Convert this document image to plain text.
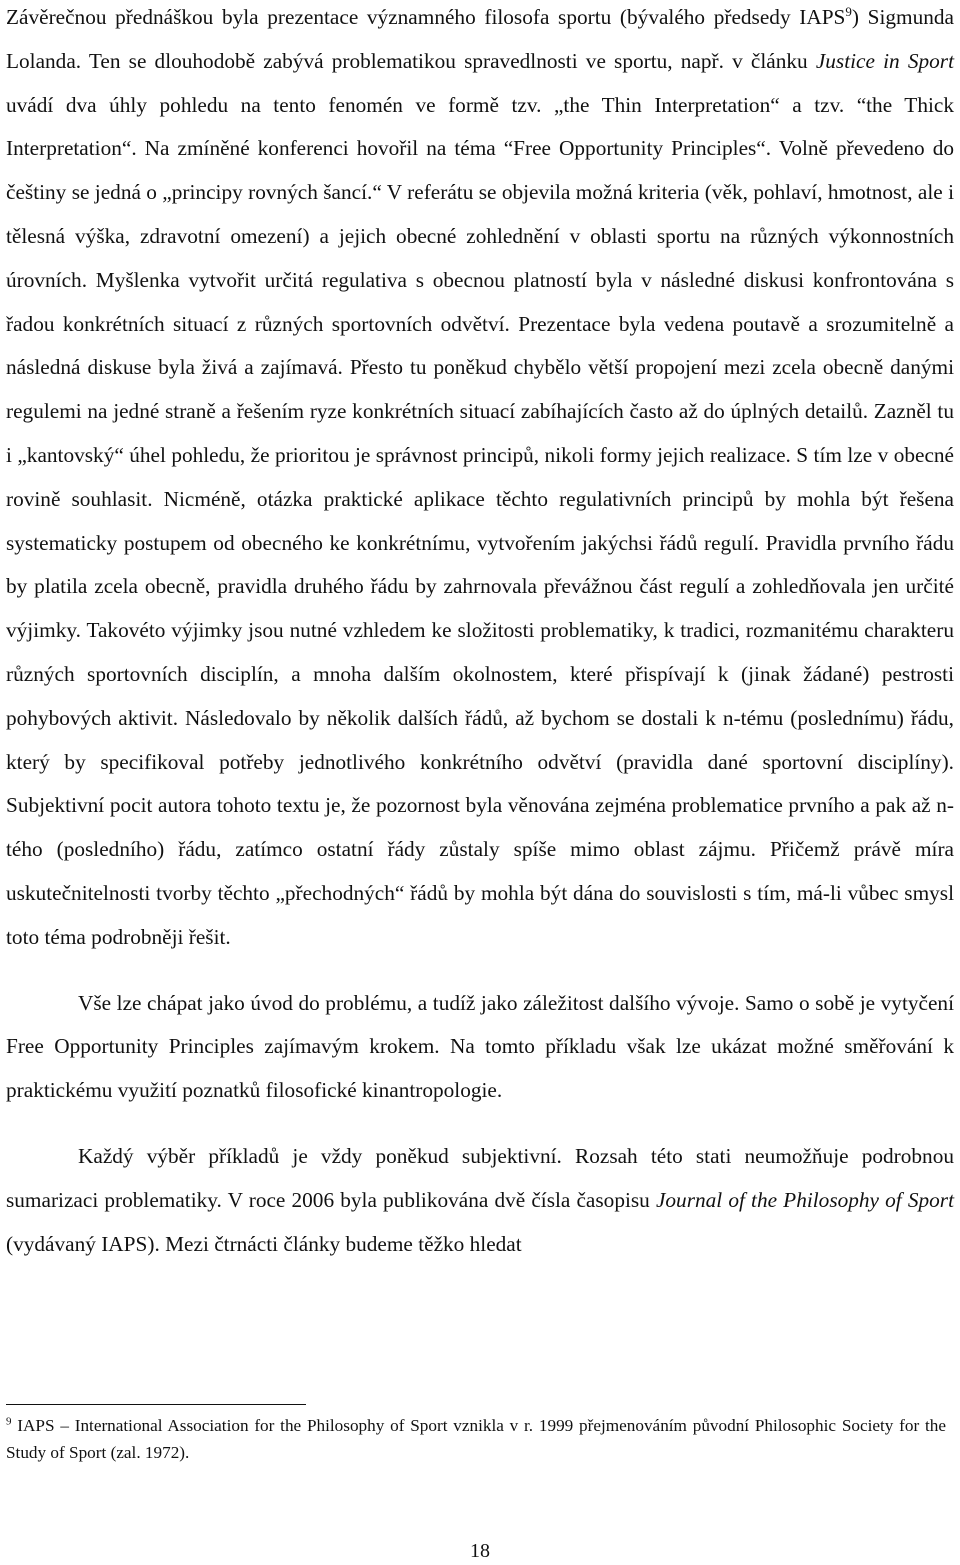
Závěrečnou přednáškou byla prezentace významného filosofa sportu (bývalého předsedy IAPS$^9$) Sigmunda Lolanda. Ten se dlouhodobě zabývá problematikou spravedlnosti ve sportu, např. v článku Justice in Sport uvádí dva úhly pohledu na tento fenomén ve formě tzv. „the Thin Interpretation“ a tzv. “the Thick Interpretation“. Na zmíněné konferenci hovořil na téma “Free Opportunity Principles“. Volně převedeno do češtiny se jedná o „principy rovných šancí.“ V referátu se objevila možná kriteria (věk, pohlaví, hmotnost, ale i tělesná výška, zdravotní omezení) a jejich obecné zohlednění v oblasti sportu na různých výkonnostních úrovních. Myšlenka vytvořit určitá regulativa s obecnou platností byla v následné diskusi konfrontována s řadou konkrétních situací z různých sportovních odvětví. Prezentace byla vedena poutavě a srozumitelně a následná diskuse byla živá a zajímavá. Přesto tu poněkud chybělo větší propojení mezi zcela obecně danými regulemi na jedné straně a řešením ryze konkrétních situací zabíhajících často až do úplných detailů. Zazněl tu i „kantovský“ úhel pohledu, že prioritou je správnost principů, nikoli formy jejich realizace. S tím lze v obecné rovině souhlasit. Nicméně, otázka praktické aplikace těchto regulativních principů by mohla být řešena systematicky postupem od obecného ke konkrétnímu, vytvořením jakýchsi řádů regulí. Pravidla prvního řádu by platila zcela obecně, pravidla druhého řádu by zahrnovala převážnou část regulí a zohledňovala jen určité výjimky. Takovéto výjimky jsou nutné vzhledem ke složitosti problematiky, k tradici, rozmanitému charakteru různých sportovních disciplín, a mnoha dalším okolnostem, které přispívají k (jinak žádané) pestrosti pohybových aktivit. Následovalo by několik dalších řádů, až bychom se dostali k n-tému (poslednímu) řádu, který by specifikoval potřeby jednotlivého konkrétního odvětví (pravidla dané sportovní disciplíny). Subjektivní pocit autora tohoto textu je, že pozornost byla věnována zejména problematice prvního a pak až n-tého (posledního) řádu, zatímco ostatní řády zůstaly spíše mimo oblast zájmu. Přičemž právě míra uskutečnitelnosti tvorby těchto „přechodných“ řádů by mohla být dána do souvislosti s tím, má-li vůbec smysl toto téma podrobněji řešit.

Vše lze chápat jako úvod do problému, a tudíž jako záležitost dalšího vývoje. Samo o sobě je vytyčení Free Opportunity Principles zajímavým krokem. Na tomto příkladu však lze ukázat možné směřování k praktickému využití poznatků filosofické kinantropologie.

Každý výběr příkladů je vždy poněkud subjektivní. Rozsah této stati neumožňuje podrobnou sumarizaci problematiky. V roce 2006 byla publikována dvě čísla časopisu Journal of the Philosophy of Sport (vydávaný IAPS). Mezi čtrnácti články budeme těžko hledat

$^9$ IAPS – International Association for the Philosophy of Sport vznikla v r. 1999 přejmenováním původní Philosophic Society for the Study of Sport (zal. 1972).

18
